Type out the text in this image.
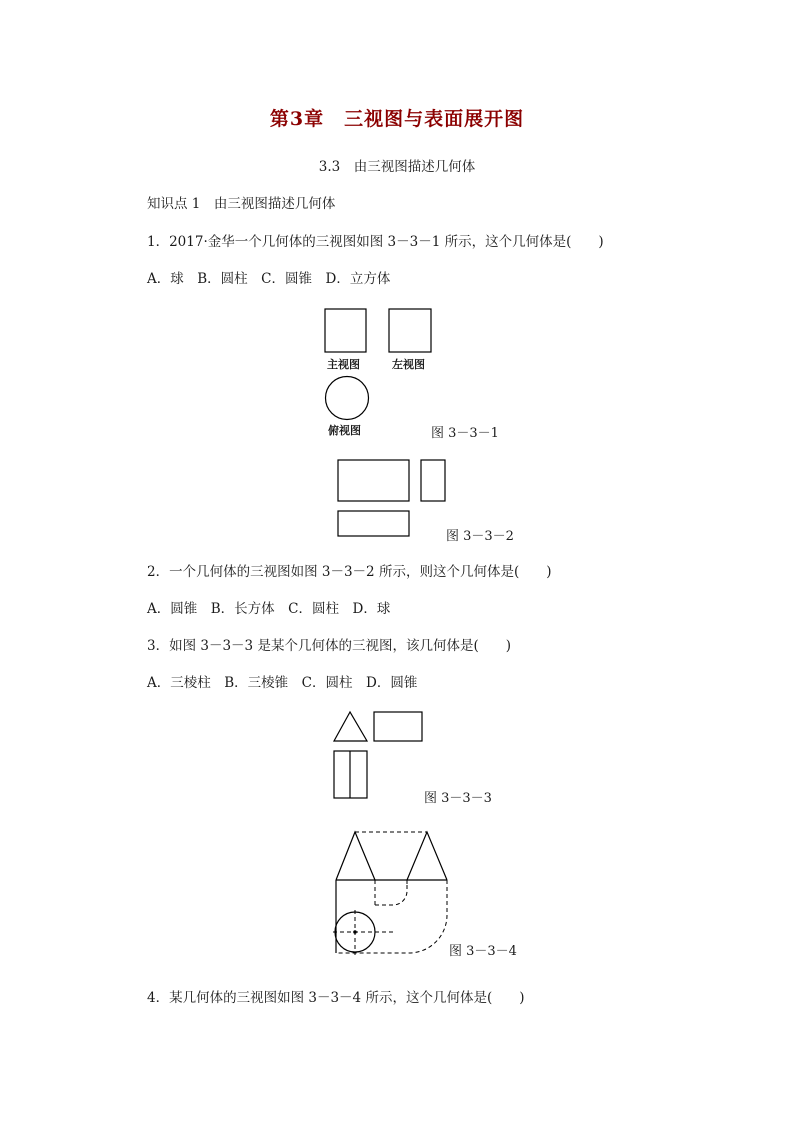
第3章　三视图与表面展开图
3.3　由三视图描述几何体
知识点 1　由三视图描述几何体
1．2017·金华一个几何体的三视图如图 3－3－1 所示，这个几何体是(　　)
A．球　B．圆柱　C．圆锥　D．立方体
主视图	左视图
俯视图	图 3－3－1
图 3－3－2
2．一个几何体的三视图如图 3－3－2 所示，则这个几何体是(　　)
A．圆锥　B．长方体　C．圆柱　D．球
3．如图 3－3－3 是某个几何体的三视图，该几何体是(　　)
A．三棱柱　B．三棱锥　C．圆柱　D．圆锥
图 3－3－3
图 3－3－4
4．某几何体的三视图如图 3－3－4 所示，这个几何体是(　　)
